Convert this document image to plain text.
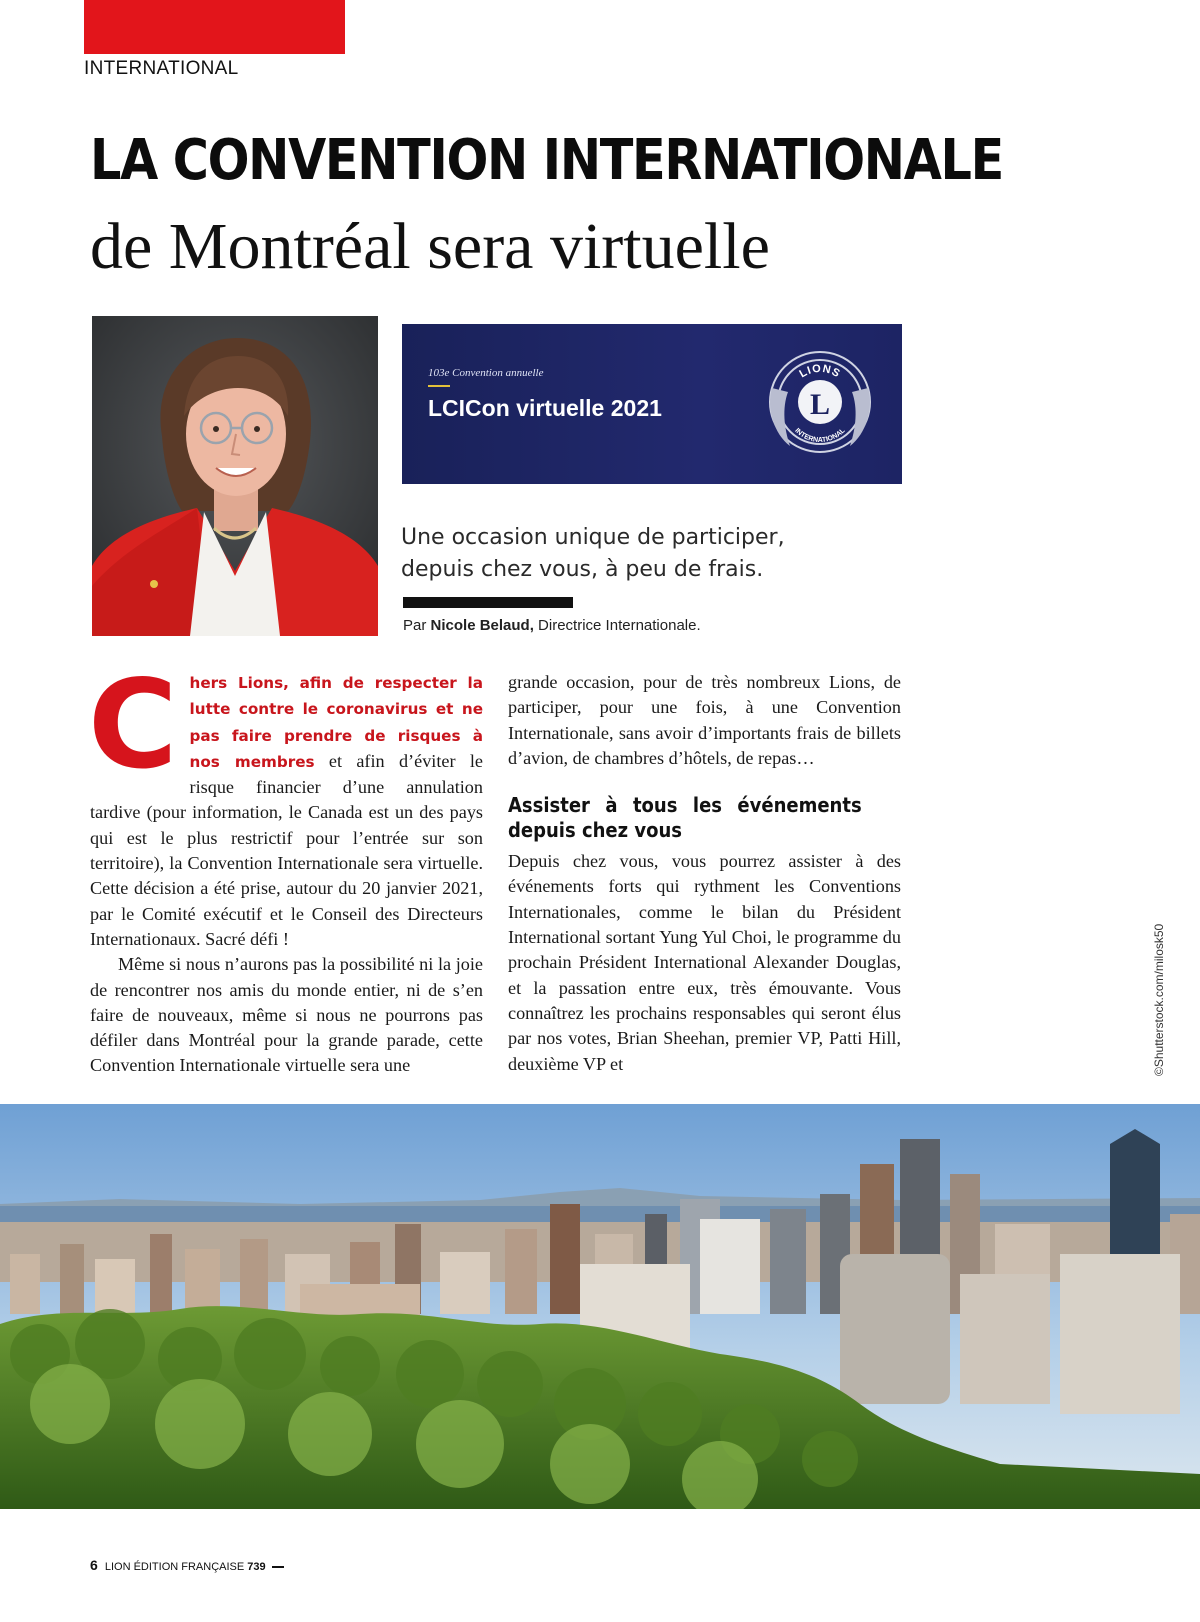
INTERNATIONAL
LA CONVENTION INTERNATIONALE
de Montréal sera virtuelle
103e Convention annuelle
LCICon virtuelle 2021	L
LIONS
INTERNATIONAL
Une occasion unique de participer,
depuis chez vous, à peu de frais.
Par Nicole Belaud, Directrice Internationale.

Chers Lions, afin de respecter la lutte contre le coronavirus et ne pas faire prendre de risques à nos membres et afin d’éviter le risque financier d’une annulation tardive (pour information, le Canada est un des pays qui est le plus restrictif pour l’entrée sur son territoire), la Convention Internationale sera virtuelle. Cette décision a été prise, autour du 20 janvier 2021, par le Comité exécutif et le Conseil des Directeurs Internationaux. Sacré défi !

Même si nous n’aurons pas la possibilité ni la joie de rencontrer nos amis du monde entier, ni de s’en faire de nouveaux, même si nous ne pourrons pas défiler dans Montréal pour la grande parade, cette Convention Internationale virtuelle sera une

grande occasion, pour de très nombreux Lions, de participer, pour une fois, à une Convention Internationale, sans avoir d’importants frais de billets d’avion, de chambres d’hôtels, de repas…

Assister à tous les événements depuis chez vous

Depuis chez vous, vous pourrez assister à des événements forts qui rythment les Conventions Internationales, comme le bilan du Président International sortant Yung Yul Choi, le programme du prochain Président International Alexander Douglas, et la passation entre eux, très émouvante. Vous connaîtrez les prochains responsables qui seront élus par nos votes, Brian Sheehan, premier VP, Patti Hill, deuxième VP et	©Shutterstock.com/milosk50
6 LION ÉDITION FRANÇAISE 739
